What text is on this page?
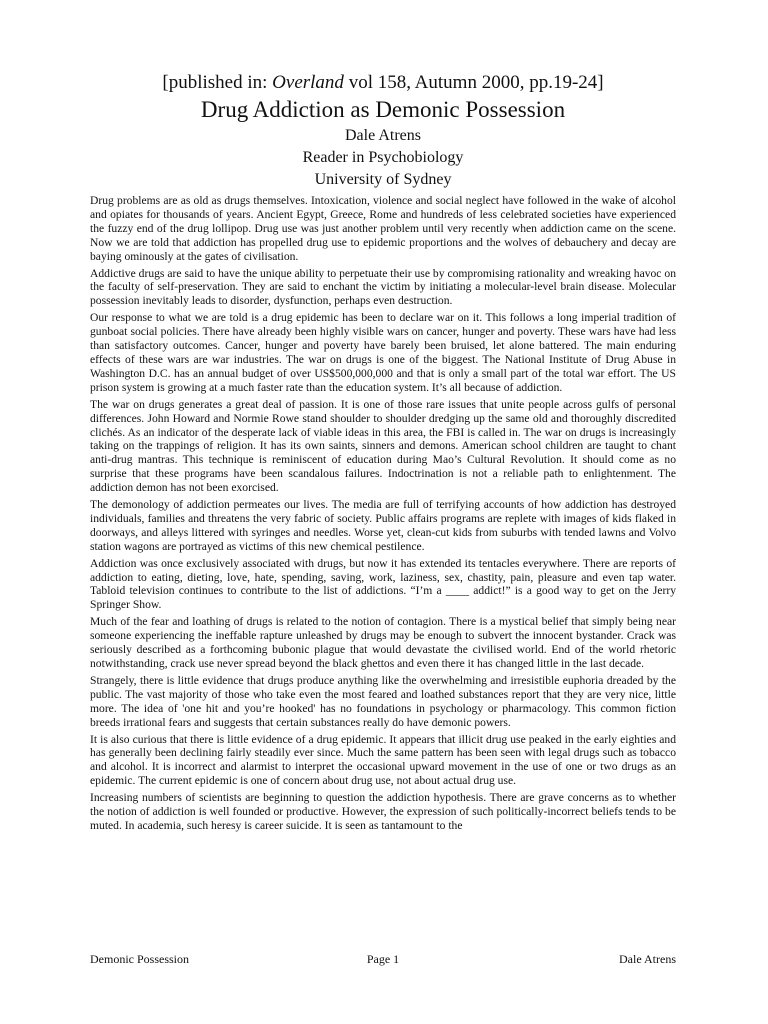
[published in: Overland vol 158, Autumn 2000, pp.19-24]

Drug Addiction as Demonic Possession

Dale Atrens

Reader in Psychobiology

University of Sydney

Drug problems are as old as drugs themselves. Intoxication, violence and social neglect have followed in the wake of alcohol and opiates for thousands of years. Ancient Egypt, Greece, Rome and hundreds of less celebrated societies have experienced the fuzzy end of the drug lollipop. Drug use was just another problem until very recently when addiction came on the scene. Now we are told that addiction has propelled drug use to epidemic proportions and the wolves of debauchery and decay are baying ominously at the gates of civilisation.

Addictive drugs are said to have the unique ability to perpetuate their use by compromising rationality and wreaking havoc on the faculty of self-preservation. They are said to enchant the victim by initiating a molecular-level brain disease. Molecular possession inevitably leads to disorder, dysfunction, perhaps even destruction.

Our response to what we are told is a drug epidemic has been to declare war on it. This follows a long imperial tradition of gunboat social policies. There have already been highly visible wars on cancer, hunger and poverty. These wars have had less than satisfactory outcomes. Cancer, hunger and poverty have barely been bruised, let alone battered. The main enduring effects of these wars are war industries. The war on drugs is one of the biggest. The National Institute of Drug Abuse in Washington D.C. has an annual budget of over US$500,000,000 and that is only a small part of the total war effort. The US prison system is growing at a much faster rate than the education system. It’s all because of addiction.

The war on drugs generates a great deal of passion. It is one of those rare issues that unite people across gulfs of personal differences. John Howard and Normie Rowe stand shoulder to shoulder dredging up the same old and thoroughly discredited clichés. As an indicator of the desperate lack of viable ideas in this area, the FBI is called in. The war on drugs is increasingly taking on the trappings of religion. It has its own saints, sinners and demons. American school children are taught to chant anti-drug mantras. This technique is reminiscent of education during Mao’s Cultural Revolution. It should come as no surprise that these programs have been scandalous failures. Indoctrination is not a reliable path to enlightenment. The addiction demon has not been exorcised.

The demonology of addiction permeates our lives. The media are full of terrifying accounts of how addiction has destroyed individuals, families and threatens the very fabric of society. Public affairs programs are replete with images of kids flaked in doorways, and alleys littered with syringes and needles. Worse yet, clean-cut kids from suburbs with tended lawns and Volvo station wagons are portrayed as victims of this new chemical pestilence.

Addiction was once exclusively associated with drugs, but now it has extended its tentacles everywhere. There are reports of addiction to eating, dieting, love, hate, spending, saving, work, laziness, sex, chastity, pain, pleasure and even tap water. Tabloid television continues to contribute to the list of addictions. “I’m a ____ addict!” is a good way to get on the Jerry Springer Show.

Much of the fear and loathing of drugs is related to the notion of contagion. There is a mystical belief that simply being near someone experiencing the ineffable rapture unleashed by drugs may be enough to subvert the innocent bystander. Crack was seriously described as a forthcoming bubonic plague that would devastate the civilised world. End of the world rhetoric notwithstanding, crack use never spread beyond the black ghettos and even there it has changed little in the last decade.

Strangely, there is little evidence that drugs produce anything like the overwhelming and irresistible euphoria dreaded by the public. The vast majority of those who take even the most feared and loathed substances report that they are very nice, little more. The idea of 'one hit and you’re hooked' has no foundations in psychology or pharmacology. This common fiction breeds irrational fears and suggests that certain substances really do have demonic powers.

It is also curious that there is little evidence of a drug epidemic. It appears that illicit drug use peaked in the early eighties and has generally been declining fairly steadily ever since. Much the same pattern has been seen with legal drugs such as tobacco and alcohol. It is incorrect and alarmist to interpret the occasional upward movement in the use of one or two drugs as an epidemic. The current epidemic is one of concern about drug use, not about actual drug use.

Increasing numbers of scientists are beginning to question the addiction hypothesis. There are grave concerns as to whether the notion of addiction is well founded or productive. However, the expression of such politically-incorrect beliefs tends to be muted. In academia, such heresy is career suicide. It is seen as tantamount to the

Demonic Possession	Page 1	Dale Atrens
